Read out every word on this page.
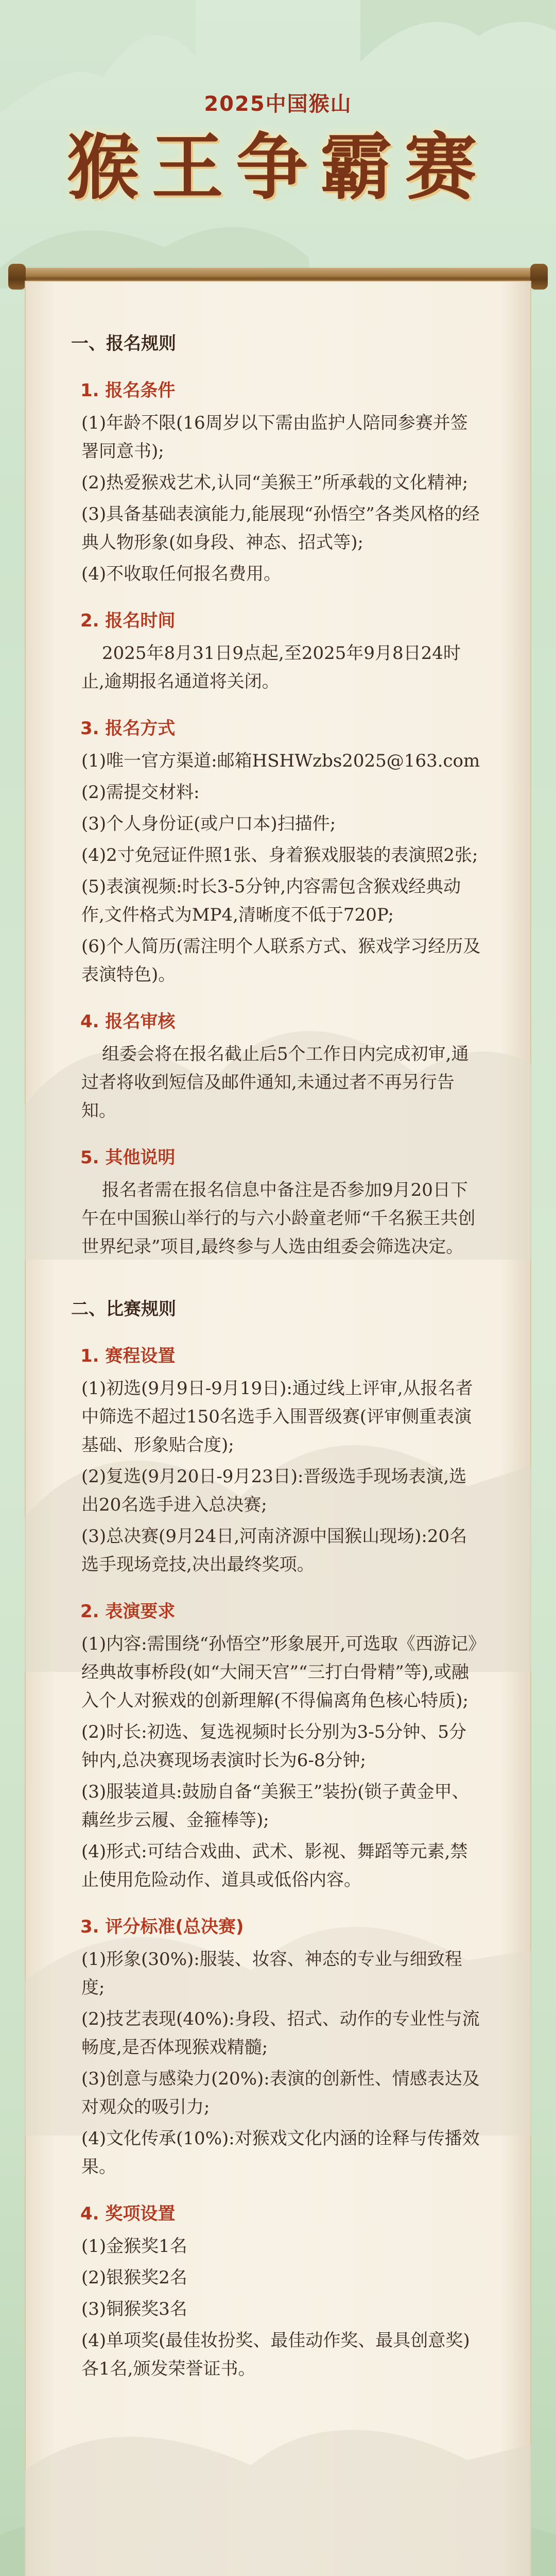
2025中国猴山
猴王争霸赛
一、报名规则
1. 报名条件
(1)年龄不限(16周岁以下需由监护人陪同参赛并签署同意书);
(2)热爱猴戏艺术,认同“美猴王”所承载的文化精神;
(3)具备基础表演能力,能展现“孙悟空”各类风格的经典人物形象(如身段、神态、招式等);
(4)不收取任何报名费用。
2. 报名时间
2025年8月31日9点起,至2025年9月8日24时止,逾期报名通道将关闭。
3. 报名方式
(1)唯一官方渠道:邮箱HSHWzbs2025@163.com
(2)需提交材料:
(3)个人身份证(或户口本)扫描件;
(4)2寸免冠证件照1张、身着猴戏服装的表演照2张;
(5)表演视频:时长3-5分钟,内容需包含猴戏经典动作,文件格式为MP4,清晰度不低于720P;
(6)个人简历(需注明个人联系方式、猴戏学习经历及表演特色)。
4. 报名审核
组委会将在报名截止后5个工作日内完成初审,通过者将收到短信及邮件通知,未通过者不再另行告知。
5. 其他说明
报名者需在报名信息中备注是否参加9月20日下午在中国猴山举行的与六小龄童老师“千名猴王共创世界纪录”项目,最终参与人选由组委会筛选决定。
二、比赛规则
1. 赛程设置
(1)初选(9月9日-9月19日):通过线上评审,从报名者中筛选不超过150名选手入围晋级赛(评审侧重表演基础、形象贴合度);
(2)复选(9月20日-9月23日):晋级选手现场表演,选出20名选手进入总决赛;
(3)总决赛(9月24日,河南济源中国猴山现场):20名选手现场竞技,决出最终奖项。
2. 表演要求
(1)内容:需围绕“孙悟空”形象展开,可选取《西游记》经典故事桥段(如“大闹天宫”“三打白骨精”等),或融入个人对猴戏的创新理解(不得偏离角色核心特质);
(2)时长:初选、复选视频时长分别为3-5分钟、5分钟内,总决赛现场表演时长为6-8分钟;
(3)服装道具:鼓励自备“美猴王”装扮(锁子黄金甲、藕丝步云履、金箍棒等);
(4)形式:可结合戏曲、武术、影视、舞蹈等元素,禁止使用危险动作、道具或低俗内容。
3. 评分标准(总决赛)
(1)形象(30%):服装、妆容、神态的专业与细致程度;
(2)技艺表现(40%):身段、招式、动作的专业性与流畅度,是否体现猴戏精髓;
(3)创意与感染力(20%):表演的创新性、情感表达及对观众的吸引力;
(4)文化传承(10%):对猴戏文化内涵的诠释与传播效果。
4. 奖项设置
(1)金猴奖1名
(2)银猴奖2名
(3)铜猴奖3名
(4)单项奖(最佳妆扮奖、最佳动作奖、最具创意奖)各1名,颁发荣誉证书。
